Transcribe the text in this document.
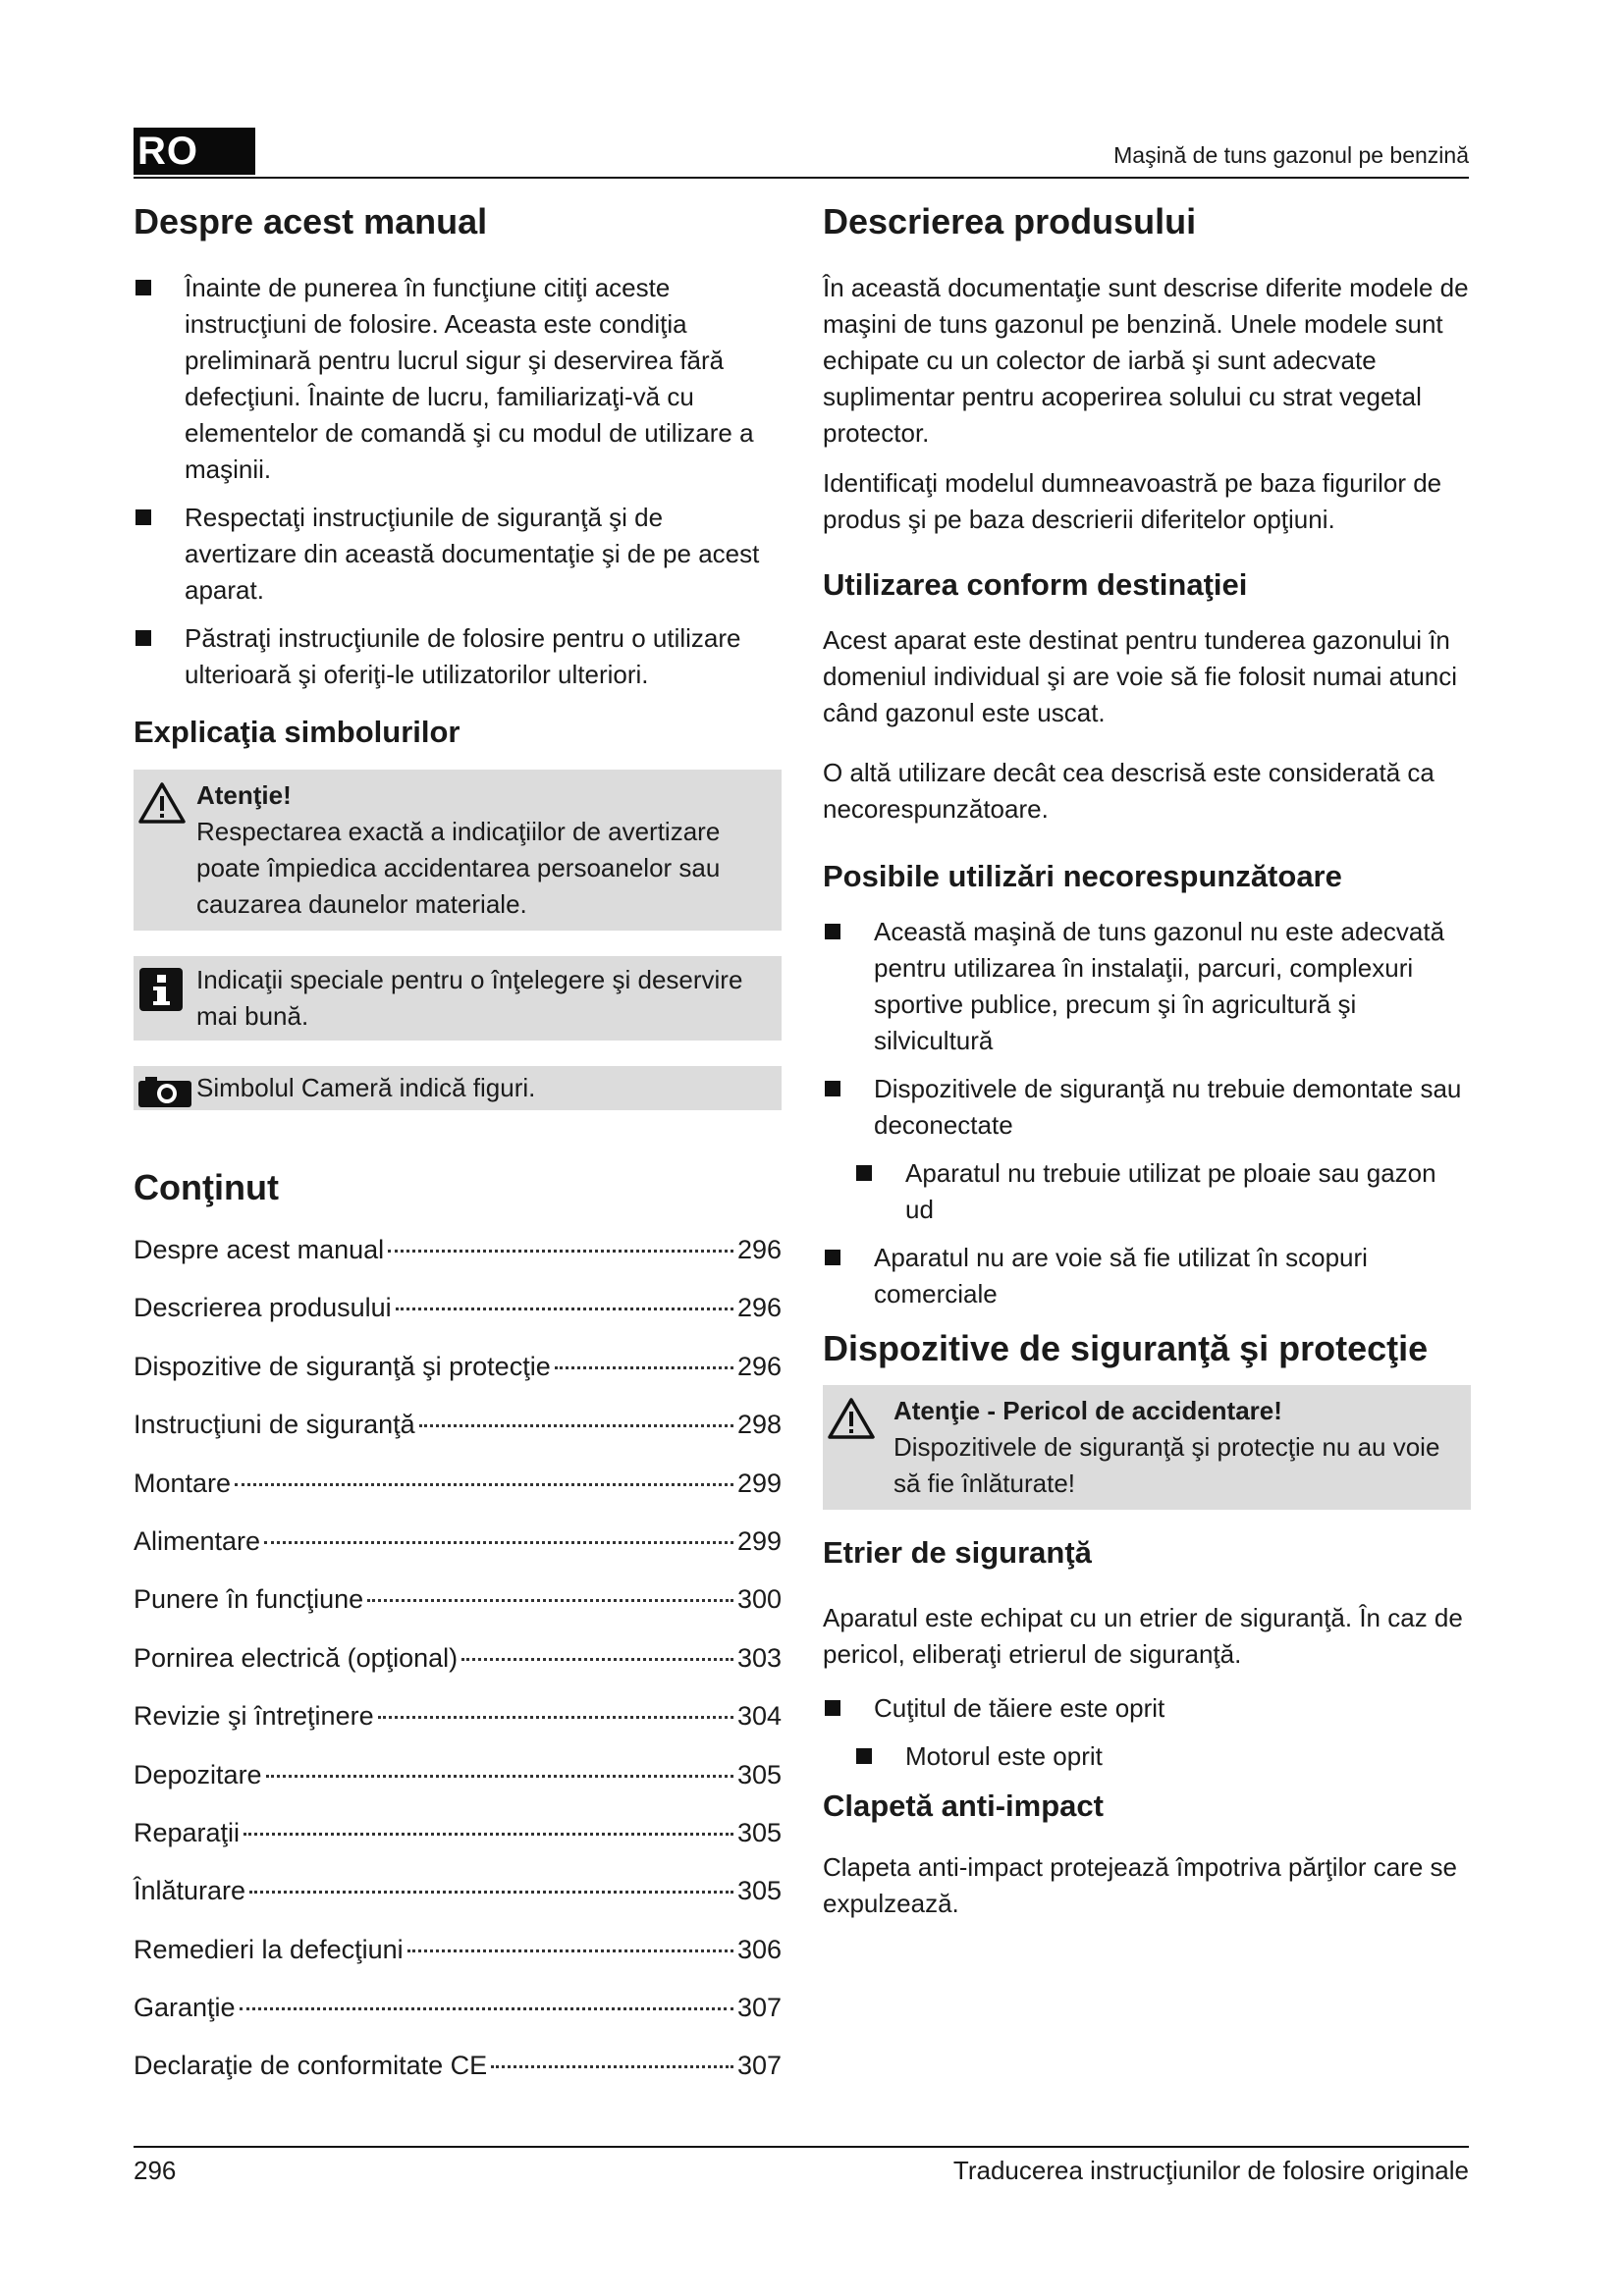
RO	Maşină de tuns gazonul pe benzină
Despre acest manual
Înainte de punerea în funcţiune citiţi aceste instrucţiuni de folosire. Aceasta este condiţia preliminară pentru lucrul sigur şi deservirea fără defecţiuni. Înainte de lucru, familiarizaţi-vă cu elementelor de comandă şi cu modul de utilizare a maşinii.
Respectaţi instrucţiunile de siguranţă şi de avertizare din această documentaţie şi de pe acest aparat.
Păstraţi instrucţiunile de folosire pentru o utilizare ulterioară şi oferiţi-le utilizatorilor ulteriori.
Explicaţia simbolurilor
Atenţie!
Respectarea exactă a indicaţiilor de avertizare poate împiedica accidentarea persoanelor sau cauzarea daunelor materiale.
Indicaţii speciale pentru o înţelegere şi deservire mai bună.
Simbolul Cameră indică figuri.
Conţinut
Despre acest manual	296
Descrierea produsului	296
Dispozitive de siguranţă şi protecţie	296
Instrucţiuni de siguranţă	298
Montare	299
Alimentare	299
Punere în funcţiune	300
Pornirea electrică (opţional)	303
Revizie şi întreţinere	304
Depozitare	305
Reparaţii	305
Înlăturare	305
Remedieri la defecţiuni	306
Garanţie	307
Declaraţie de conformitate CE	307
Descrierea produsului

În această documentaţie sunt descrise diferite modele de maşini de tuns gazonul pe benzină. Unele modele sunt echipate cu un colector de iarbă şi sunt adecvate suplimentar pentru acoperirea solului cu strat vegetal protector.

Identificaţi modelul dumneavoastră pe baza figurilor de produs şi pe baza descrierii diferitelor opţiuni.

Utilizarea conform destinaţiei

Acest aparat este destinat pentru tunderea gazonului în domeniul individual şi are voie să fie folosit numai atunci când gazonul este uscat.

O altă utilizare decât cea descrisă este considerată ca necorespunzătoare.

Posibile utilizări necorespunzătoare
Această maşină de tuns gazonul nu este adecvată pentru utilizarea în instalaţii, parcuri, complexuri sportive publice, precum şi în agricultură şi silvicultură
Dispozitivele de siguranţă nu trebuie demontate sau deconectate
Aparatul nu trebuie utilizat pe ploaie sau gazon ud
Aparatul nu are voie să fie utilizat în scopuri comerciale
Dispozitive de siguranţă şi protecţie
Atenţie - Pericol de accidentare!
Dispozitivele de siguranţă şi protecţie nu au voie să fie înlăturate!
Etrier de siguranţă

Aparatul este echipat cu un etrier de siguranţă. În caz de pericol, eliberaţi etrierul de siguranţă.

Cuţitul de tăiere este oprit
Motorul este oprit
Clapetă anti-impact

Clapeta anti-impact protejează împotriva părţilor care se expulzează.

296	Traducerea instrucţiunilor de folosire originale
